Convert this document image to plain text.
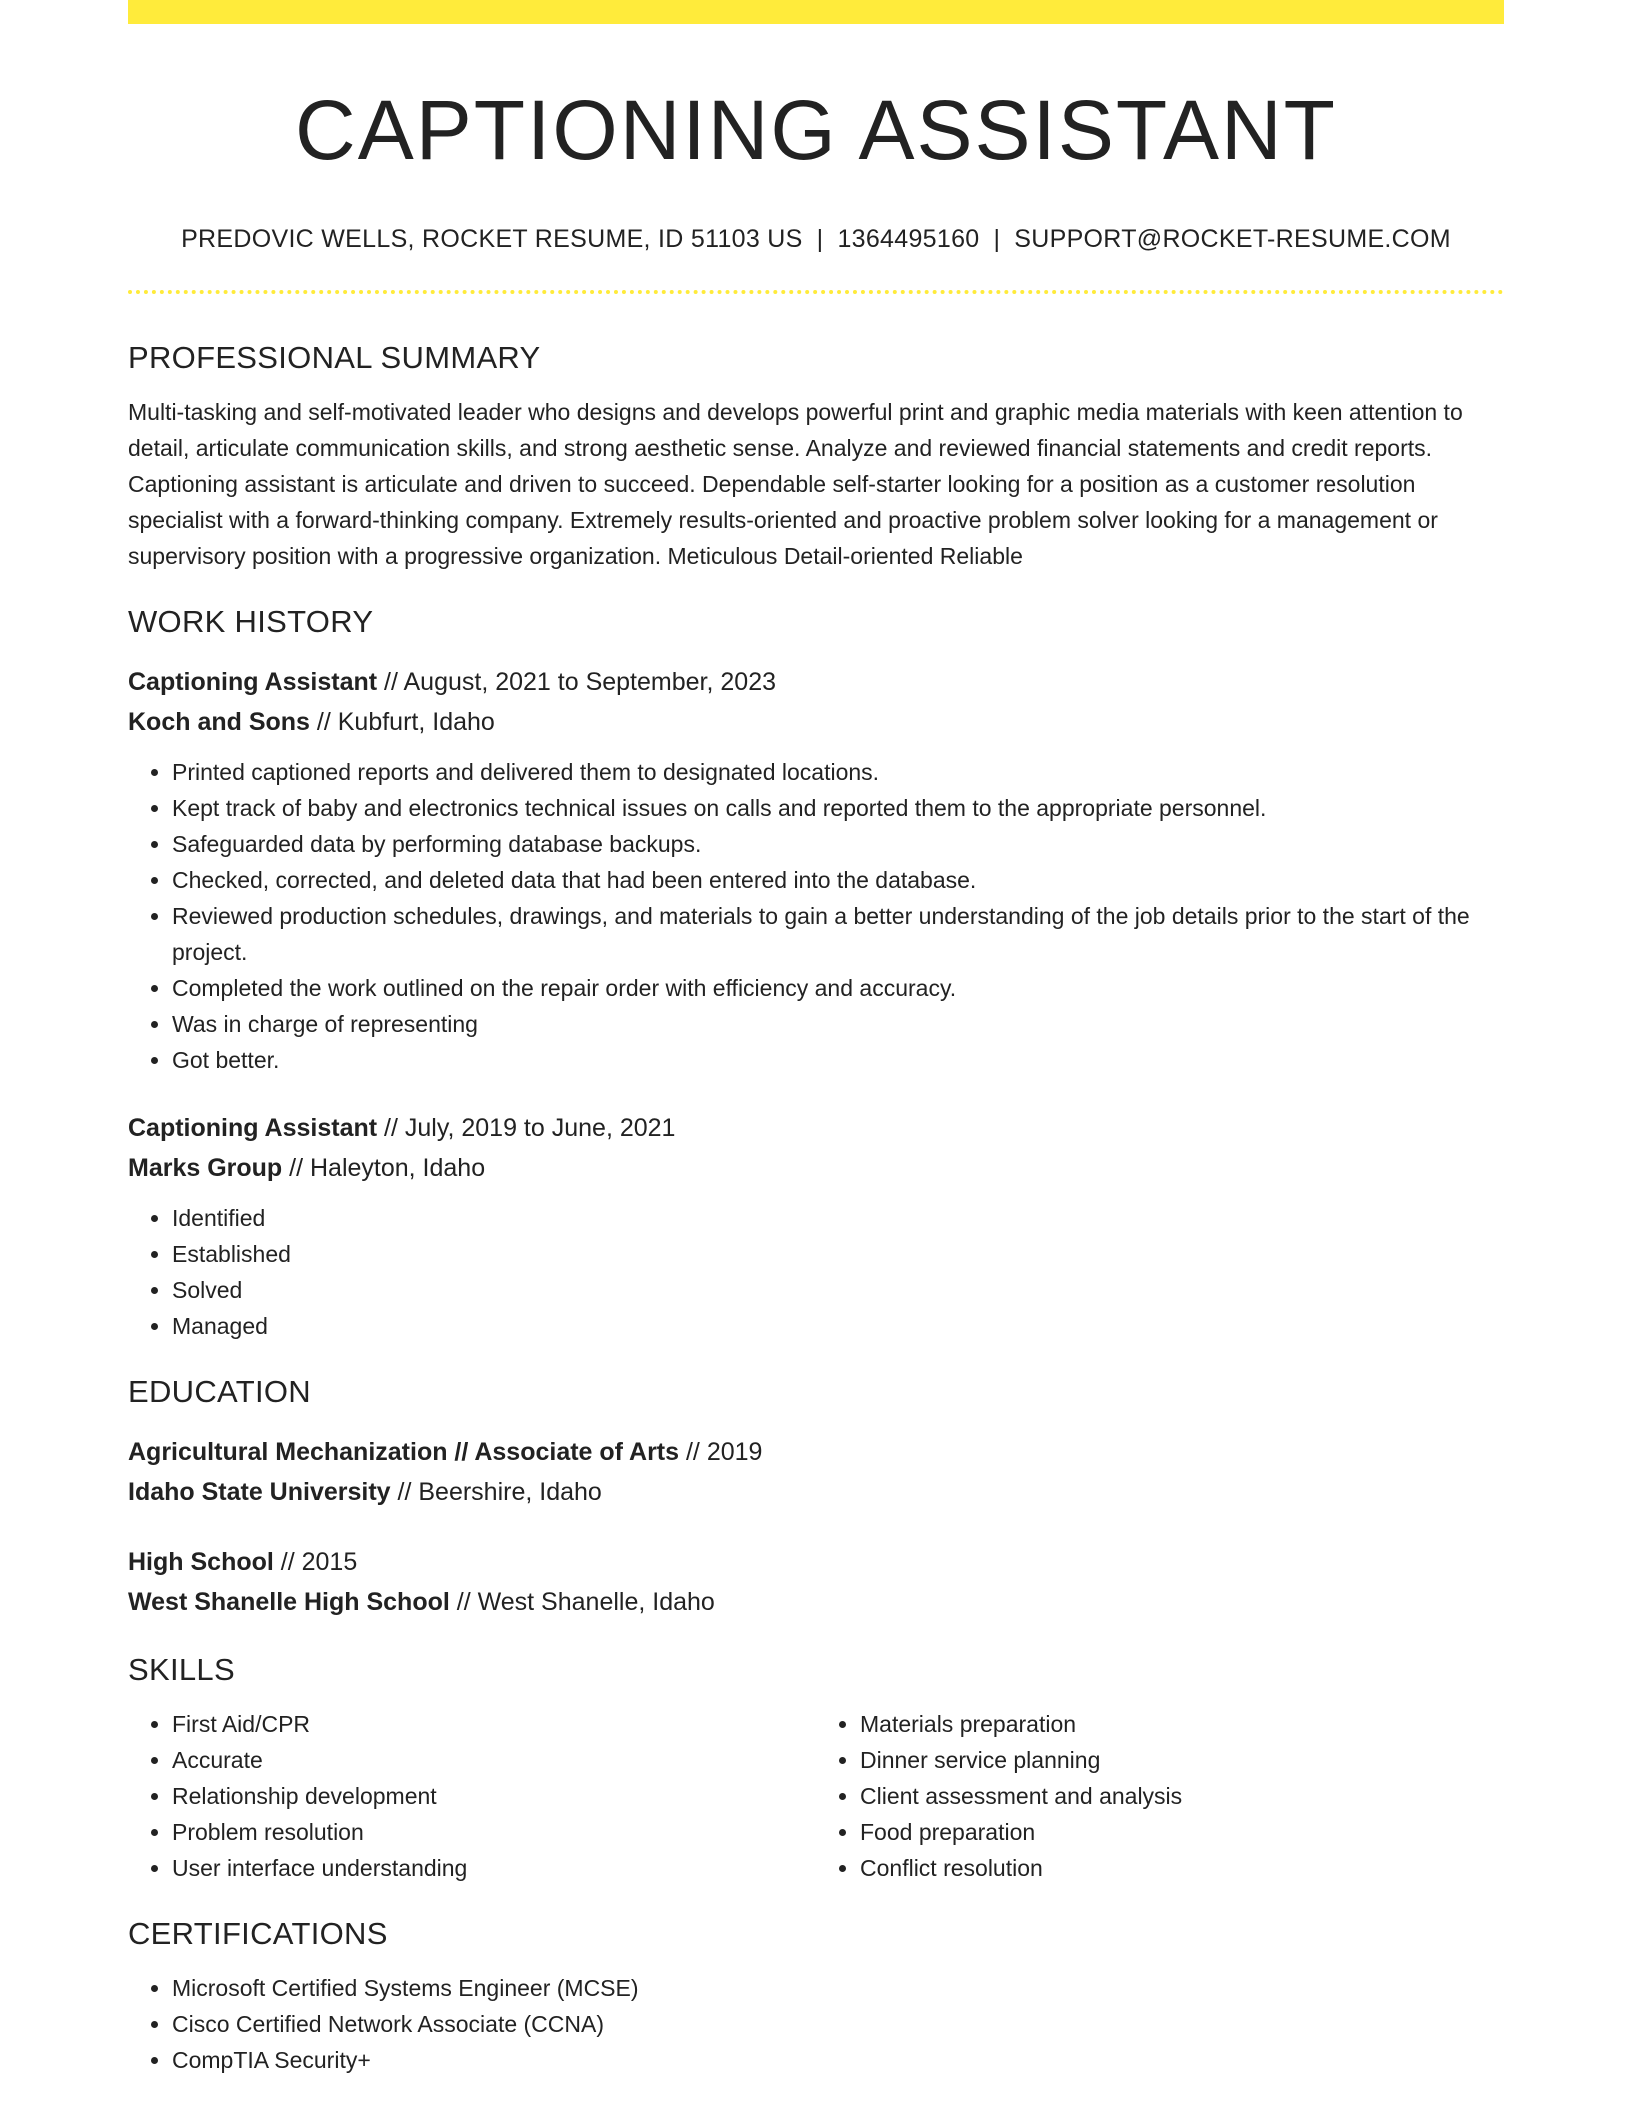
CAPTIONING ASSISTANT
PREDOVIC WELLS, ROCKET RESUME, ID 51103 US | 1364495160 | SUPPORT@ROCKET-RESUME.COM
PROFESSIONAL SUMMARY
Multi-tasking and self-motivated leader who designs and develops powerful print and graphic media materials with keen attention to detail, articulate communication skills, and strong aesthetic sense. Analyze and reviewed financial statements and credit reports. Captioning assistant is articulate and driven to succeed. Dependable self-starter looking for a position as a customer resolution specialist with a forward-thinking company. Extremely results-oriented and proactive problem solver looking for a management or supervisory position with a progressive organization. Meticulous Detail-oriented Reliable
WORK HISTORY
Captioning Assistant // August, 2021 to September, 2023
Koch and Sons // Kubfurt, Idaho
• Printed captioned reports and delivered them to designated locations.
• Kept track of baby and electronics technical issues on calls and reported them to the appropriate personnel.
• Safeguarded data by performing database backups.
• Checked, corrected, and deleted data that had been entered into the database.
• Reviewed production schedules, drawings, and materials to gain a better understanding of the job details prior to the start of the project.
• Completed the work outlined on the repair order with efficiency and accuracy.
• Was in charge of representing
• Got better.
Captioning Assistant // July, 2019 to June, 2021
Marks Group // Haleyton, Idaho
• Identified
• Established
• Solved
• Managed
EDUCATION
Agricultural Mechanization // Associate of Arts // 2019
Idaho State University // Beershire, Idaho
High School // 2015
West Shanelle High School // West Shanelle, Idaho
SKILLS
• First Aid/CPR
• Accurate
• Relationship development
• Problem resolution
• User interface understanding
• Materials preparation
• Dinner service planning
• Client assessment and analysis
• Food preparation
• Conflict resolution
CERTIFICATIONS
• Microsoft Certified Systems Engineer (MCSE)
• Cisco Certified Network Associate (CCNA)
• CompTIA Security+
